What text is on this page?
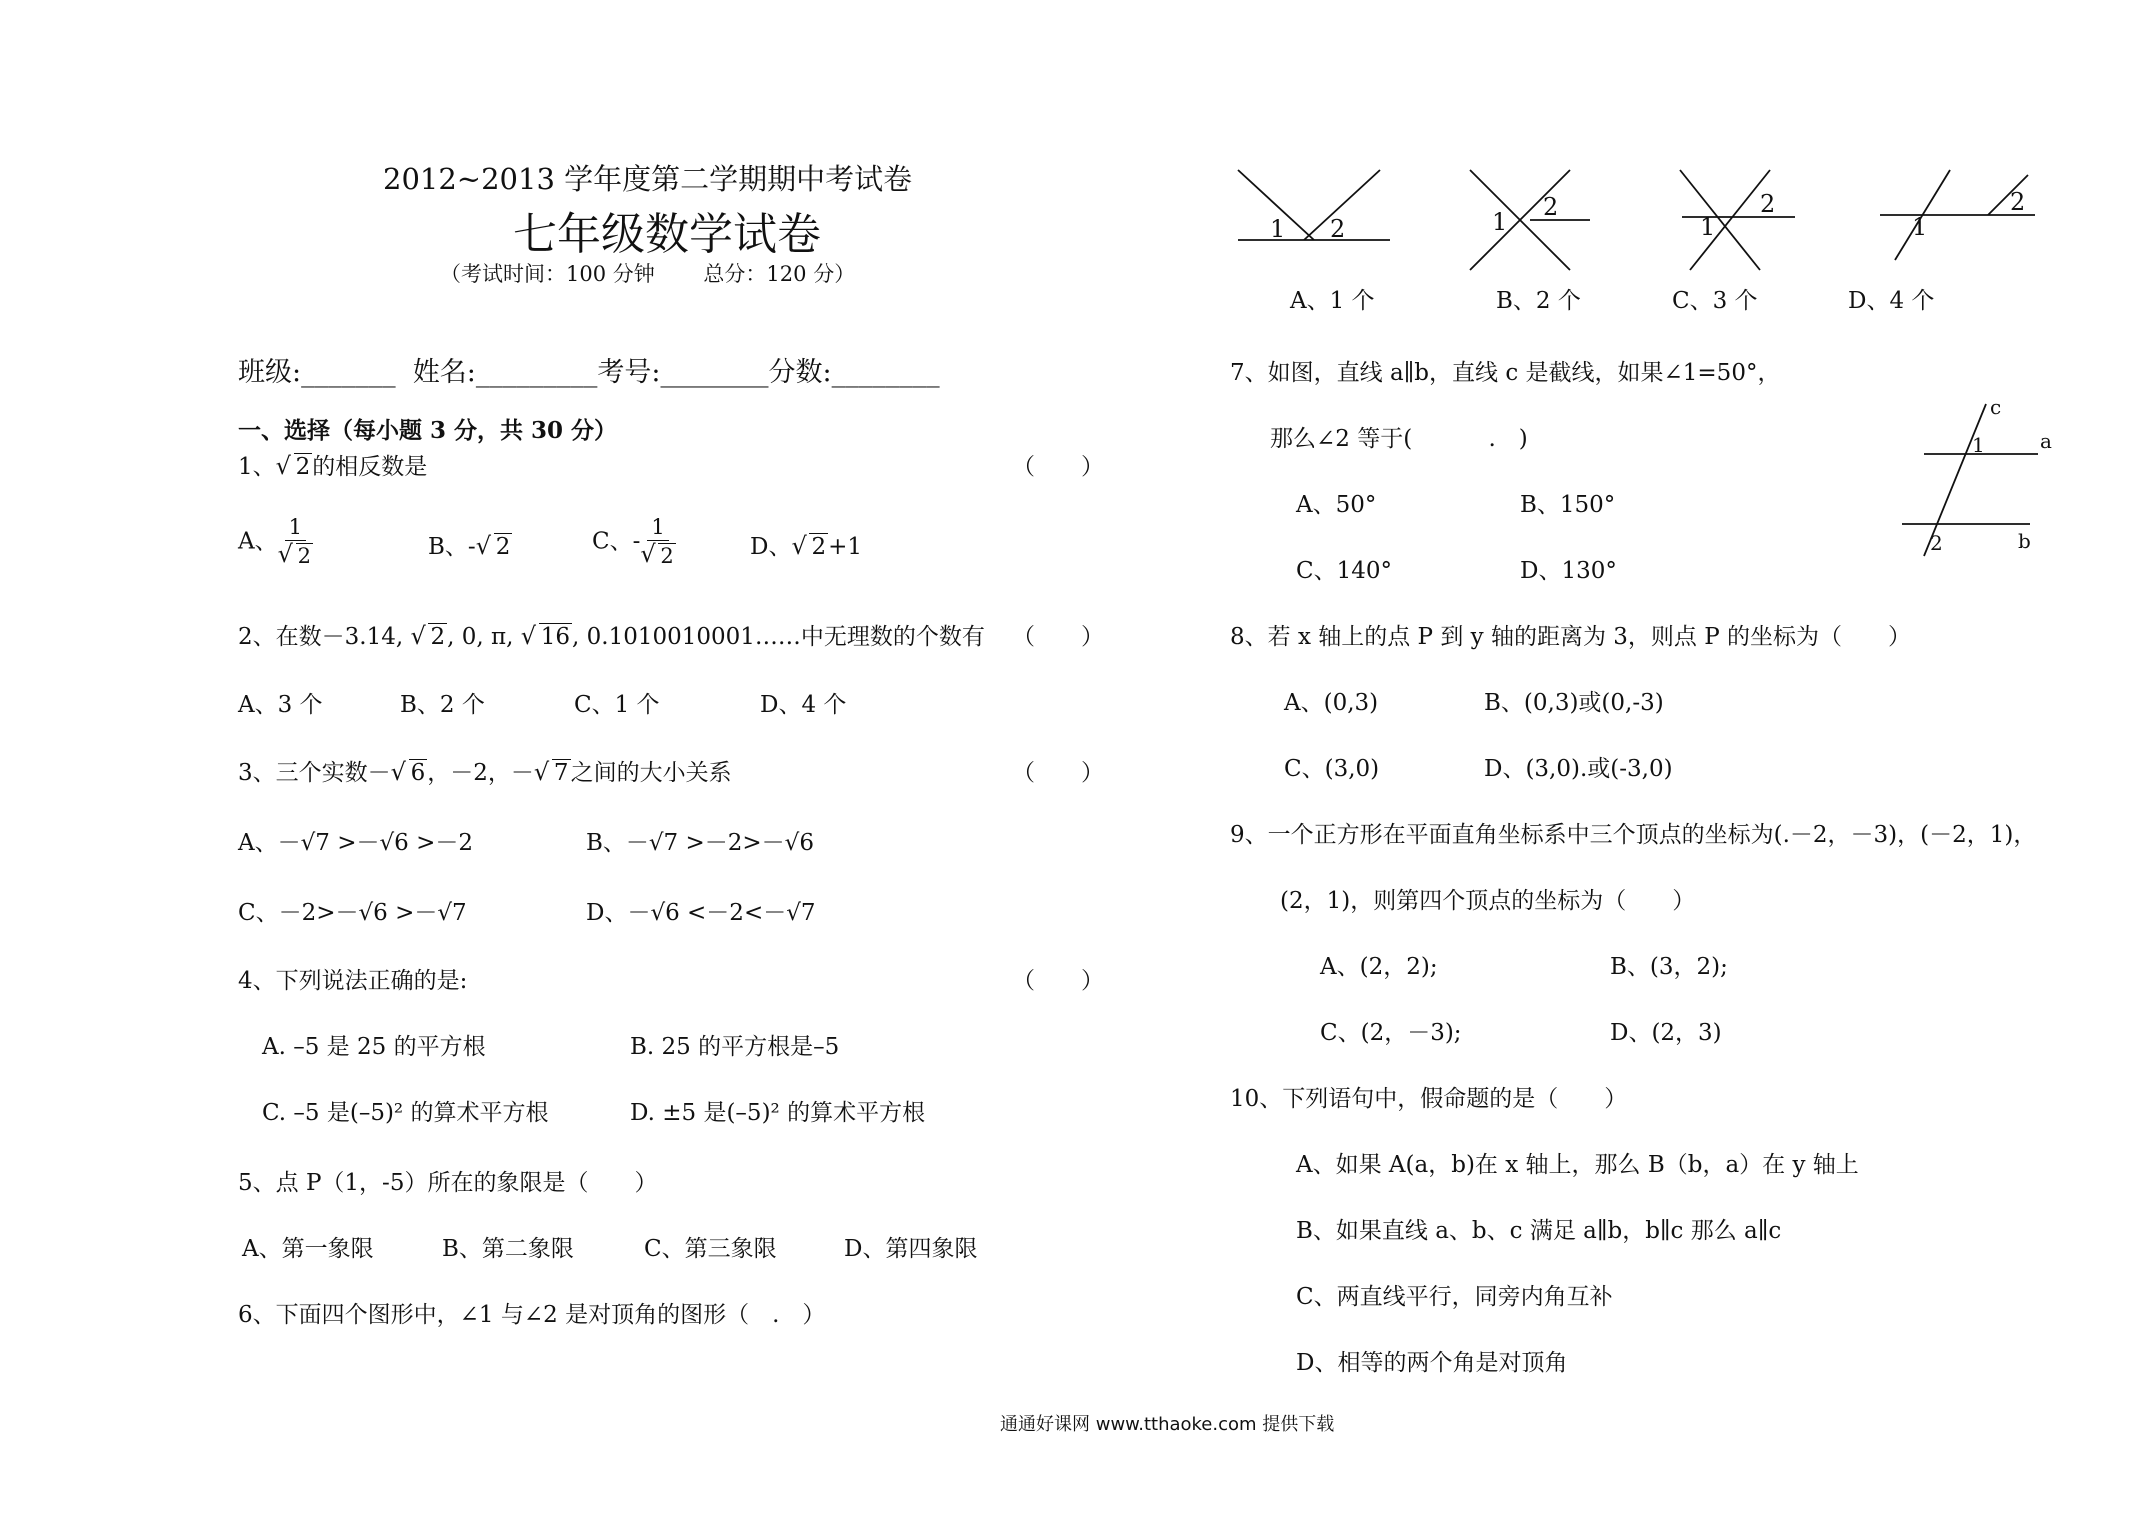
2012~2013 学年度第二学期期中考试卷
七年级数学试卷
（考试时间：100 分钟　　 总分：120 分）
班级:_______ 姓名:_________考号:________分数:________
一、选择（每小题 3 分，共 30 分）
1、 √ 2的相反数是	（　　）
A、 1
√ 2	B、- √ 2	C、- 1
√ 2	D、 √ 2+1
2、在数－3.14, √ 2, 0, π, √ 16, 0.1010010001……中无理数的个数有 （　　）
A、3 个	B、2 个	C、1 个	D、4 个
3、三个实数－ √ 6，－2，－ √ 7之间的大小关系	（　　）
A、－√7 >－√6 >－2	B、－√7 >－2>－√6
C、－2>－√6 >－√7	D、－√6 <－2<－√7
4、下列说法正确的是:	（　　）
A. –5 是 25 的平方根	B. 25 的平方根是–5
C. –5 是(–5)² 的算术平方根	D. ±5 是(–5)² 的算术平方根
5、点 P（1，-5）所在的象限是（　　）
A、第一象限	B、第二象限	C、第三象限	D、第四象限
6、下面四个图形中，∠1 与∠2 是对顶角的图形（　.　）
1 2	1
2
1
2
1
2
A、1 个	B、2 个	C、3 个	D、4 个
7、如图，直线 a∥b，直线 c 是截线，如果∠1=50°，
那么∠2 等于(　　　 .　)
A、50°	B、150°
C、140°	D、130°
c
1	a
2	b
8、若 x 轴上的点 P 到 y 轴的距离为 3，则点 P 的坐标为（　　）
A、(0,3)	B、(0,3)或(0,-3)
C、(3,0)	D、(3,0).或(-3,0)
9、一个正方形在平面直角坐标系中三个顶点的坐标为(.－2，－3)，(－2，1)，
(2，1)，则第四个顶点的坐标为（　　）
A、(2，2);	B、(3，2);
C、(2，－3);	D、(2，3)
10、下列语句中，假命题的是（　　）
A、如果 A(a，b)在 x 轴上，那么 B（b，a）在 y 轴上
B、如果直线 a、b、c 满足 a∥b，b∥c 那么 a∥c
C、两直线平行，同旁内角互补
D、相等的两个角是对顶角
通通好课网 www.tthaoke.com 提供下载
